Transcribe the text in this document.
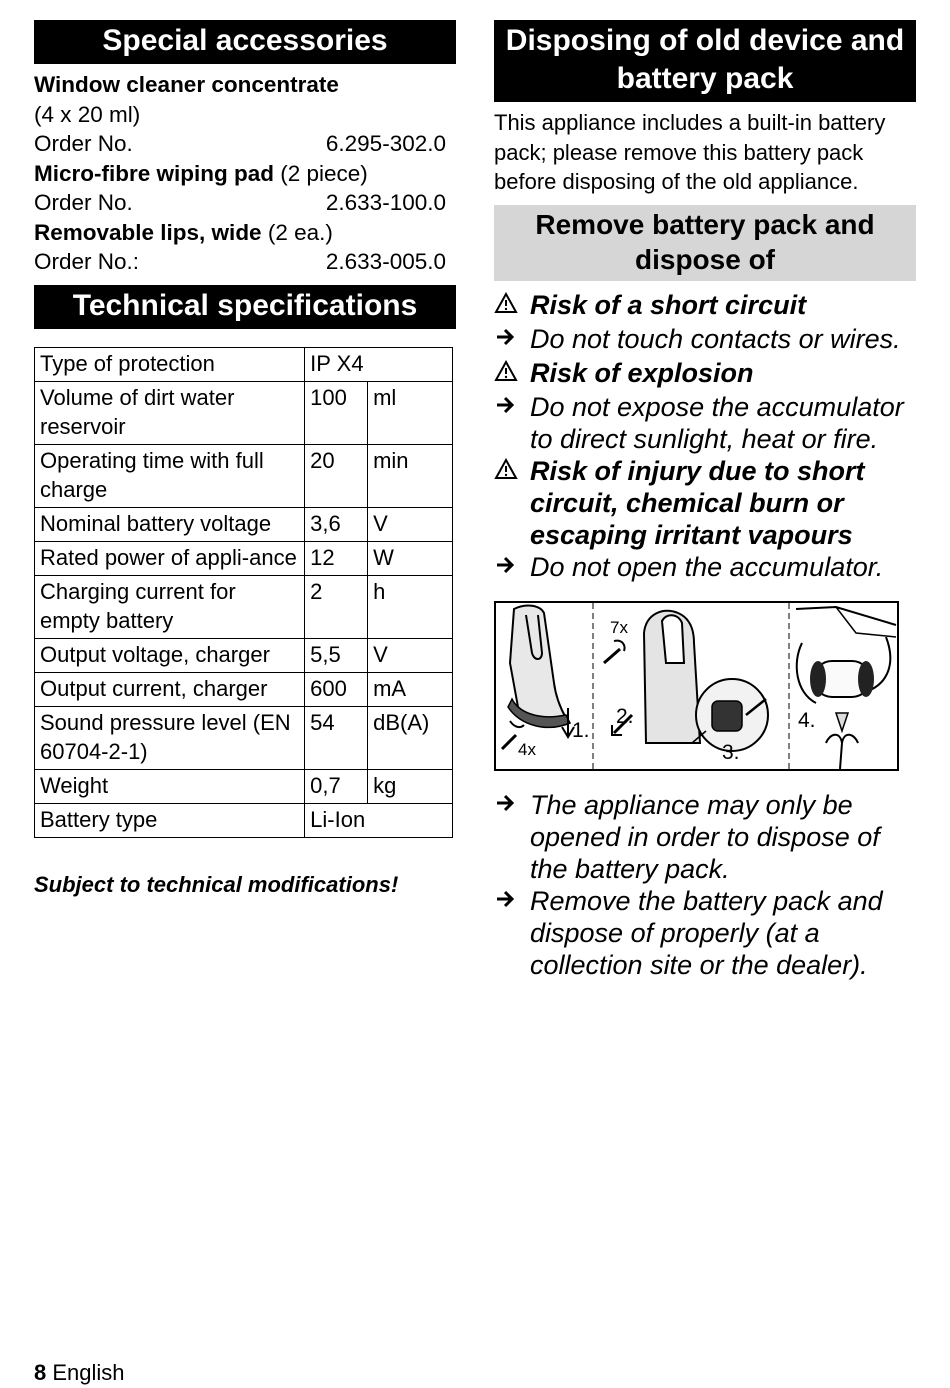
Special accessories
Window cleaner concentrate
(4 x 20 ml)
Order No.	6.295-302.0
Micro-fibre wiping pad (2 piece)
Order No.	2.633-100.0
Removable lips, wide (2 ea.)
Order No.:	2.633-005.0
Technical specifications
Type of protection	IP X4	
Volume of dirt water reservoir	100	ml
Operating time with full charge	20	min
Nominal battery voltage	3,6	V
Rated power of appli-ance	12	W
Charging current for empty battery	2	h
Output voltage, charger	5,5	V
Output current, charger	600	mA
Sound pressure level (EN 60704-2-1)	54	dB(A)
Weight	0,7	kg
Battery type	Li-Ion	
Subject to technical modifications!
Disposing of old device and battery pack
This appliance includes a built-in battery pack; please remove this battery pack before disposing of the old appliance.
Remove battery pack and dispose of
Risk of a short circuit
Do not touch contacts or wires.
Risk of explosion
Do not expose the accumulator to direct sunlight, heat or fire.
Risk of injury due to short circuit, chemical burn or escaping irritant vapours
Do not open the accumulator.
4x
7x
1.
2.
3.
4.
The appliance may only be opened in order to dispose of the battery pack.
Remove the battery pack and dispose of properly (at a collection site or the dealer).
8 English
